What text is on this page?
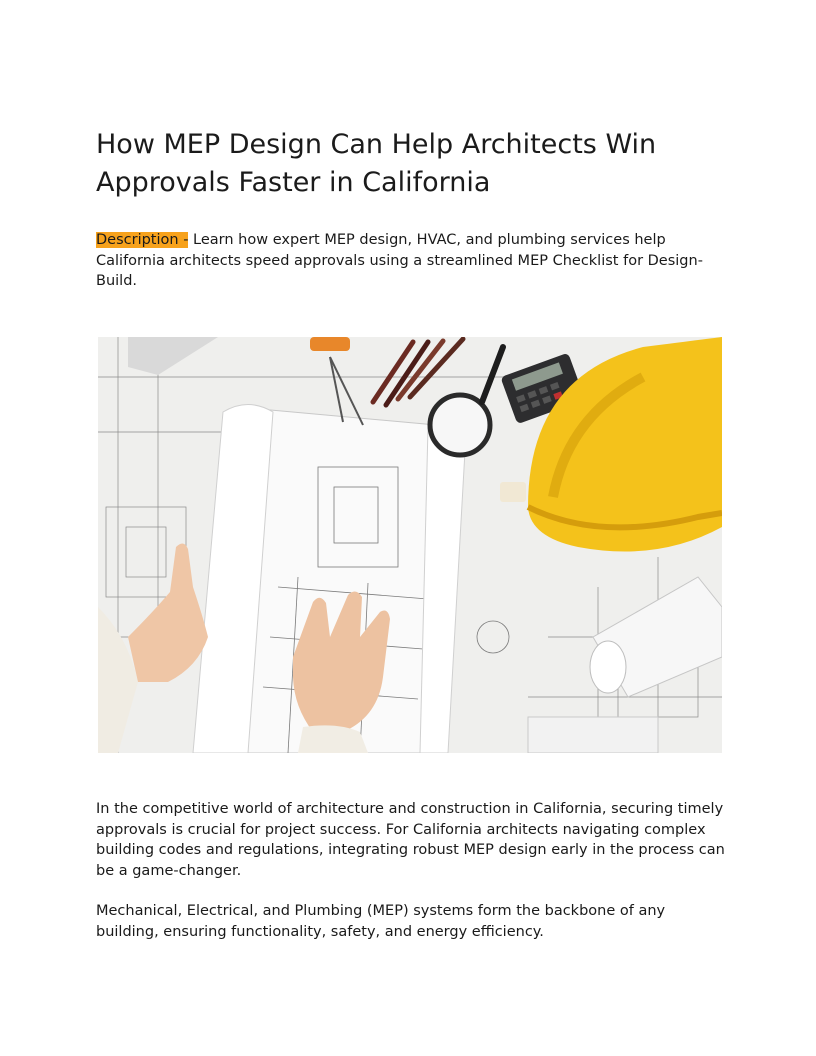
How MEP Design Can Help Architects Win Approvals Faster in California

Description - Learn how expert MEP design, HVAC, and plumbing services help California architects speed approvals using a streamlined MEP Checklist for Design-Build.

In the competitive world of architecture and construction in California, securing timely approvals is crucial for project success. For California architects navigating complex building codes and regulations, integrating robust MEP design early in the process can be a game-changer.

Mechanical, Electrical, and Plumbing (MEP) systems form the backbone of any building, ensuring functionality, safety, and energy efficiency.
